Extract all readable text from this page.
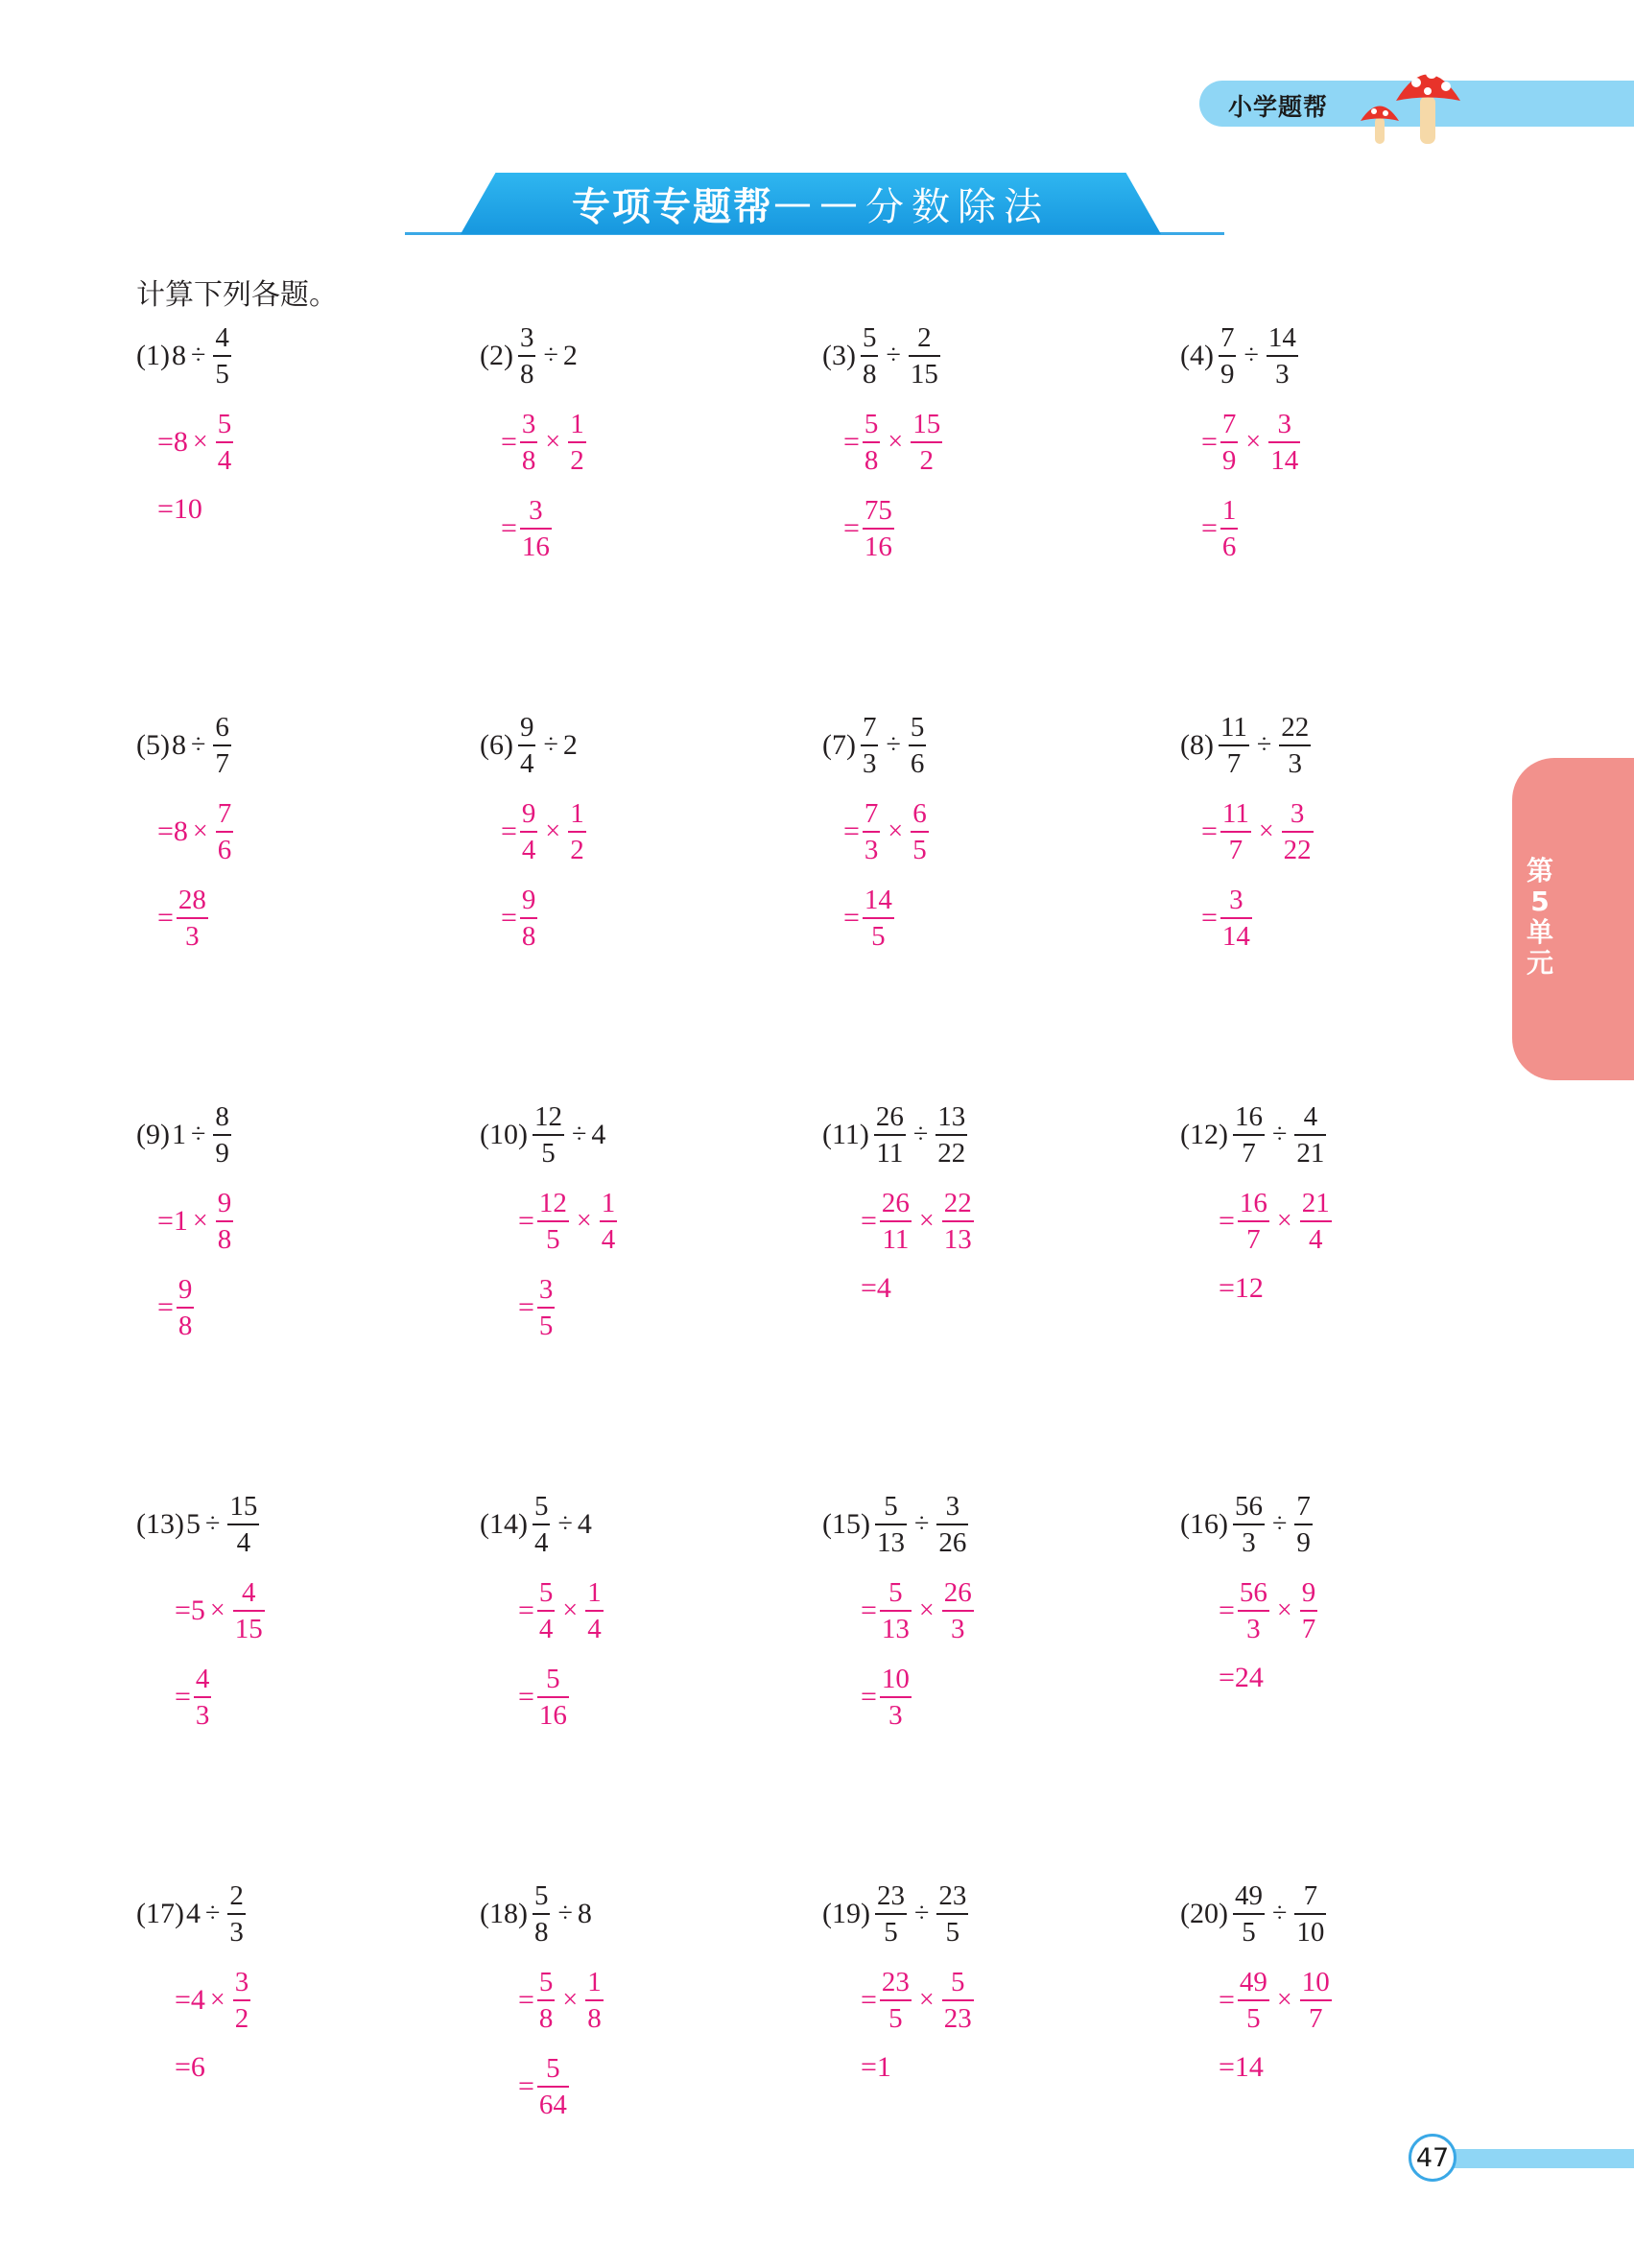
小学题帮
专项专题帮 —— 分数除法
计算下列各题。
(1) $8 \div \frac{4}{5}$
$=8 \times \frac{5}{4}$
=10
$(2) \frac{3}{8} \div 2$
= $\frac{3}{8} \times \frac{1}{2}$
= $\frac{3}{16}$
$(3) \frac{5}{8} \div \frac{2}{15}$
= $\frac{5}{8} \times \frac{15}{2}$
= $\frac{75}{16}$
$(4) \frac{7}{9} \div \frac{14}{3}$
= $\frac{7}{9} \times \frac{3}{14}$
= $\frac{1}{6}$
(5) $8 \div \frac{6}{7}$
$=8 \times \frac{7}{6}$
= $\frac{28}{3}$
$(6) \frac{9}{4} \div 2$
= $\frac{9}{4} \times \frac{1}{2}$
= $\frac{9}{8}$
$(7) \frac{7}{3} \div \frac{5}{6}$
= $\frac{7}{3} \times \frac{6}{5}$
= $\frac{14}{5}$
$(8) \frac{11}{7} \div \frac{22}{3}$
= $\frac{11}{7} \times \frac{3}{22}$
= $\frac{3}{14}$
(9) $1 \div \frac{8}{9}$
$=1 \times \frac{9}{8}$
= $\frac{9}{8}$
$(10) \frac{12}{5} \div 4$
= $\frac{12}{5} \times \frac{1}{4}$
= $\frac{3}{5}$
$(11) \frac{26}{11} \div \frac{13}{22}$
= $\frac{26}{11} \times \frac{22}{13}$
=4
$(12) \frac{16}{7} \div \frac{4}{21}$
= $\frac{16}{7} \times \frac{21}{4}$
=12
(13) $5 \div \frac{15}{4}$
$=5 \times \frac{4}{15}$
= $\frac{4}{3}$
$(14) \frac{5}{4} \div 4$
= $\frac{5}{4} \times \frac{1}{4}$
= $\frac{5}{16}$
$(15) \frac{5}{13} \div \frac{3}{26}$
= $\frac{5}{13} \times \frac{26}{3}$
= $\frac{10}{3}$
$(16) \frac{56}{3} \div \frac{7}{9}$
= $\frac{56}{3} \times \frac{9}{7}$
=24
(17) $4 \div \frac{2}{3}$
$=4 \times \frac{3}{2}$
=6
$(18) \frac{5}{8} \div 8$
= $\frac{5}{8} \times \frac{1}{8}$
= $\frac{5}{64}$
$(19) \frac{23}{5} \div \frac{23}{5}$
= $\frac{23}{5} \times \frac{5}{23}$
=1
$(20) \frac{49}{5} \div \frac{7}{10}$
= $\frac{49}{5} \times \frac{10}{7}$
=14
第
5
单
元
47
